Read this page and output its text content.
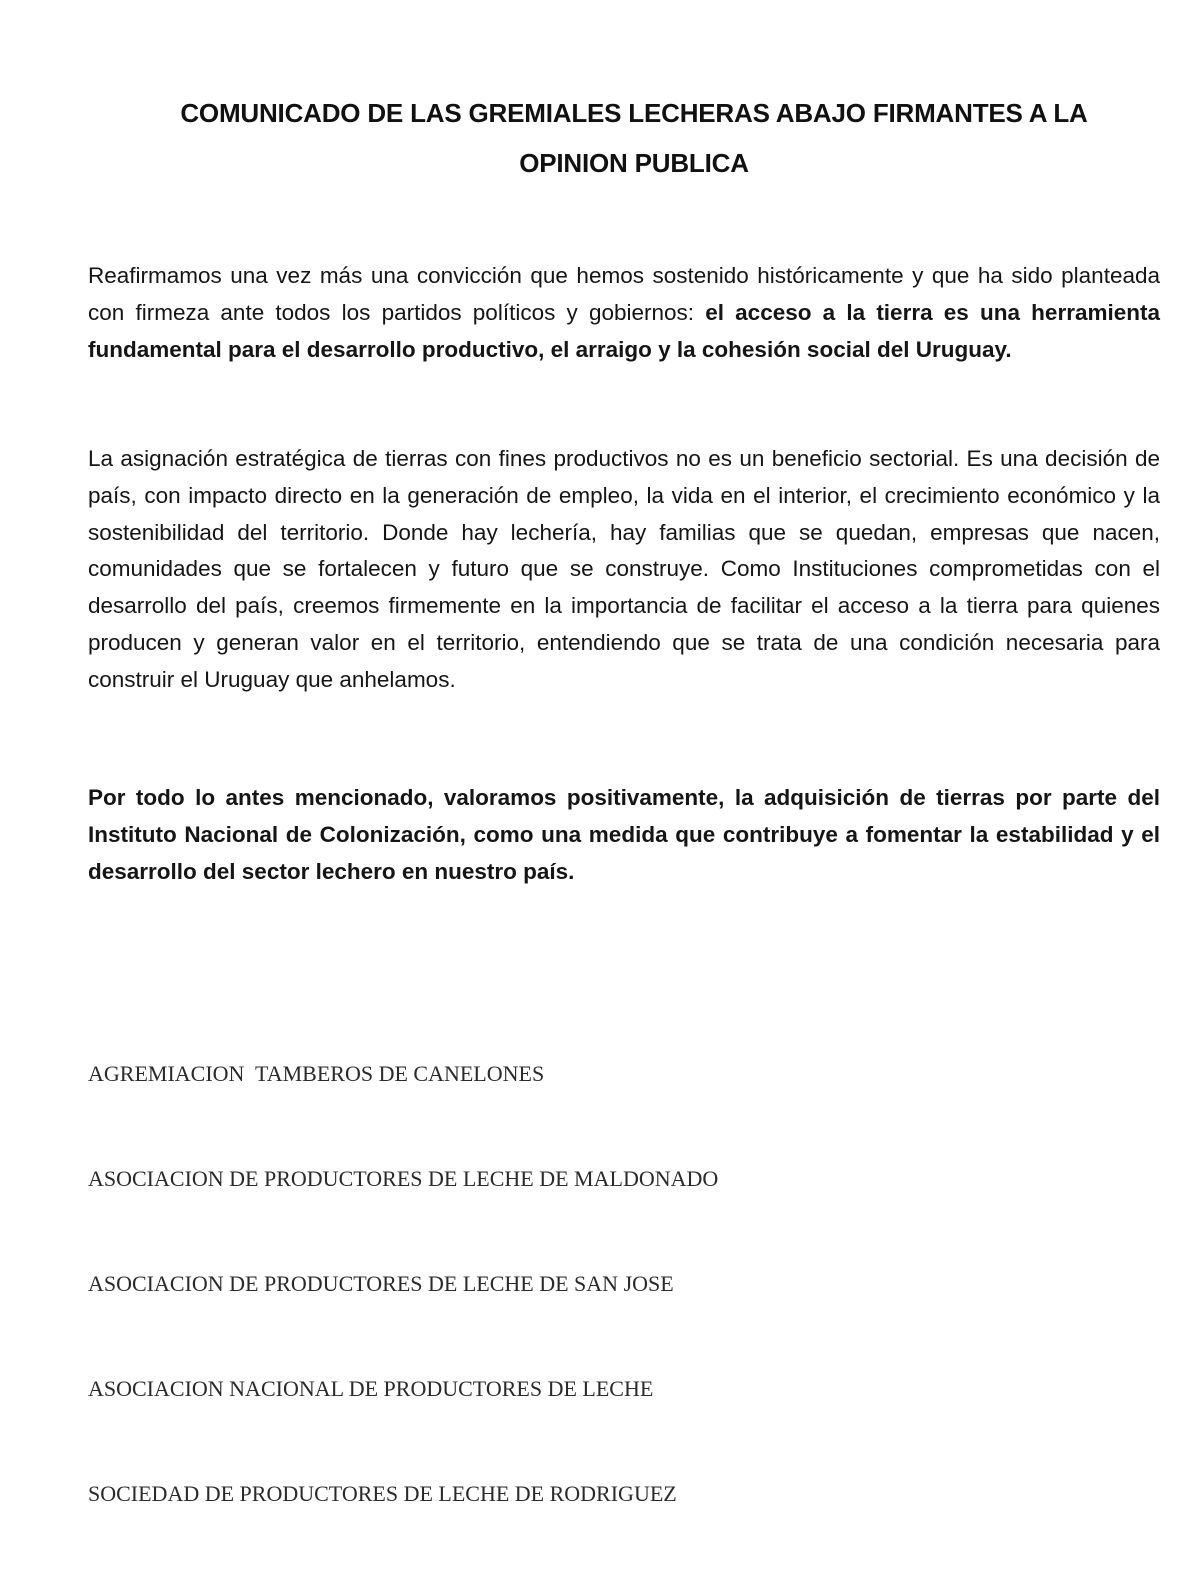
COMUNICADO DE LAS GREMIALES LECHERAS ABAJO FIRMANTES A LA
OPINION PUBLICA

Reafirmamos una vez más una convicción que hemos sostenido históricamente y que ha sido planteada con firmeza ante todos los partidos políticos y gobiernos: el acceso a la tierra es una herramienta fundamental para el desarrollo productivo, el arraigo y la cohesión social del Uruguay.

La asignación estratégica de tierras con fines productivos no es un beneficio sectorial. Es una decisión de país, con impacto directo en la generación de empleo, la vida en el interior, el crecimiento económico y la sostenibilidad del territorio. Donde hay lechería, hay familias que se quedan, empresas que nacen, comunidades que se fortalecen y futuro que se construye. Como Instituciones comprometidas con el desarrollo del país, creemos firmemente en la importancia de facilitar el acceso a la tierra para quienes producen y generan valor en el territorio, entendiendo que se trata de una condición necesaria para construir el Uruguay que anhelamos.

Por todo lo antes mencionado, valoramos positivamente, la adquisición de tierras por parte del Instituto Nacional de Colonización, como una medida que contribuye a fomentar la estabilidad y el desarrollo del sector lechero en nuestro país.

AGREMIACION  TAMBEROS DE CANELONES

ASOCIACION DE PRODUCTORES DE LECHE DE MALDONADO

ASOCIACION DE PRODUCTORES DE LECHE DE SAN JOSE

ASOCIACION NACIONAL DE PRODUCTORES DE LECHE

SOCIEDAD DE PRODUCTORES DE LECHE DE RODRIGUEZ
